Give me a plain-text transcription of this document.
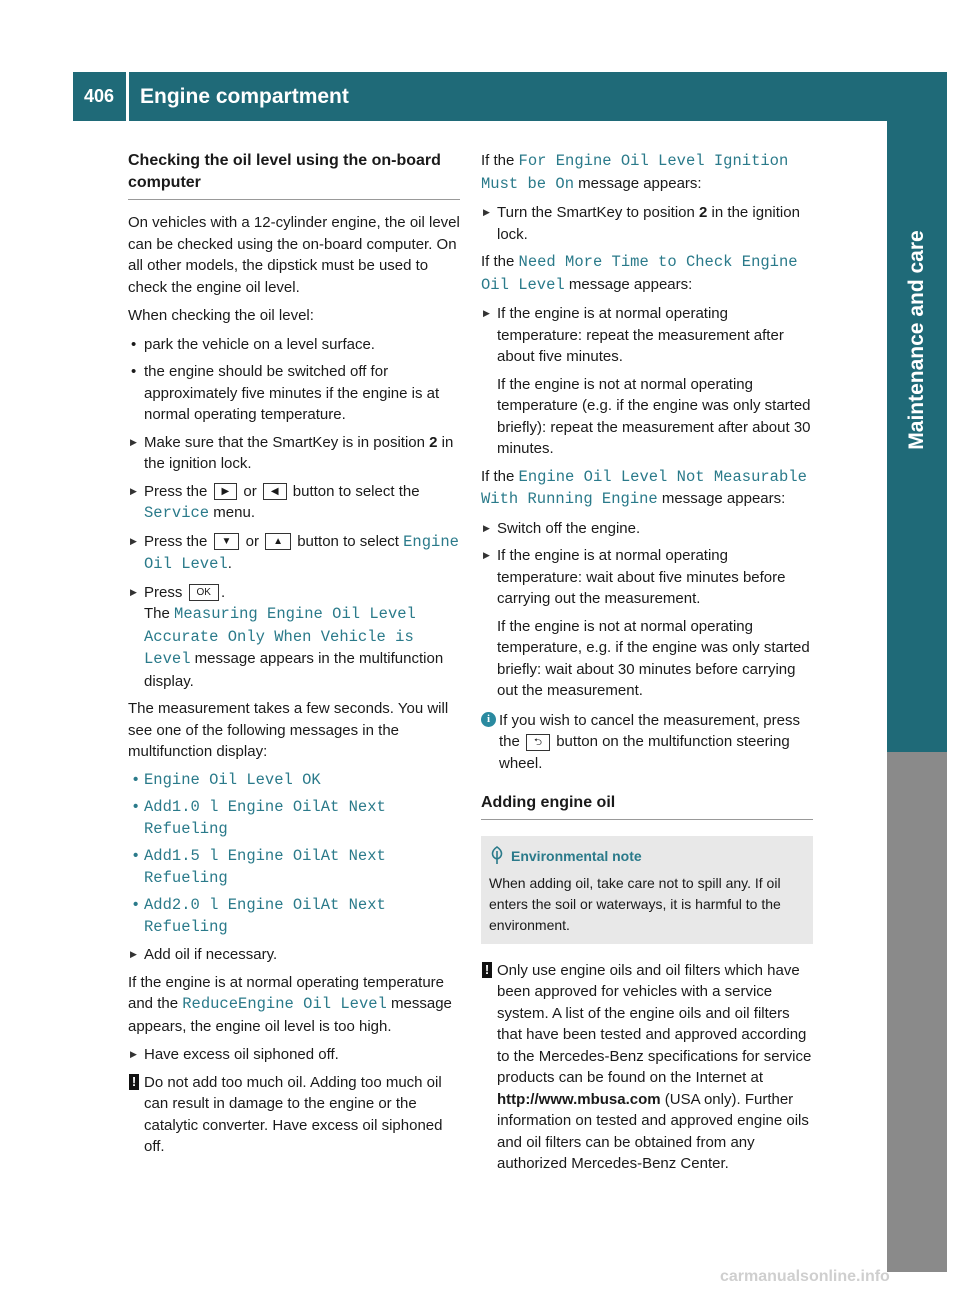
406	Engine compartment
Maintenance and care
Checking the oil level using the on-board computer

On vehicles with a 12-cylinder engine, the oil level can be checked using the on-board computer. On all other models, the dipstick must be used to check the engine oil level.

When checking the oil level:

• park the vehicle on a level surface.
• the engine should be switched off for approximately five minutes if the engine is at normal operating temperature.
▶ Make sure that the SmartKey is in position 2 in the ignition lock.
▶ Press the ▶ or ◀ button to select the Service menu.
▶ Press the ▼ or ▲ button to select Engine Oil Level.
▶ Press OK .
The Measuring Engine Oil Level Accurate Only When Vehicle is Level message appears in the multifunction display.

The measurement takes a few seconds. You will see one of the following messages in the multifunction display:

• Engine Oil Level OK
• Add1.0 l Engine OilAt Next Refueling
• Add1.5 l Engine OilAt Next Refueling
• Add2.0 l Engine OilAt Next Refueling
▶ Add oil if necessary.

If the engine is at normal operating temperature and the ReduceEngine Oil Level message appears, the engine oil level is too high.

▶ Have excess oil siphoned off.
! Do not add too much oil. Adding too much oil can result in damage to the engine or the catalytic converter. Have excess oil siphoned off.

If the For Engine Oil Level Ignition Must be On message appears:

▶ Turn the SmartKey to position 2 in the ignition lock.

If the Need More Time to Check Engine Oil Level message appears:

▶ If the engine is at normal operating temperature: repeat the measurement after about five minutes.
If the engine is not at normal operating temperature (e.g. if the engine was only started briefly): repeat the measurement after about 30 minutes.

If the Engine Oil Level Not Measurable With Running Engine message appears:

▶ Switch off the engine.
▶ If the engine is at normal operating temperature: wait about five minutes before carrying out the measurement.
If the engine is not at normal operating temperature, e.g. if the engine was only started briefly: wait about 30 minutes before carrying out the measurement.
i If you wish to cancel the measurement, press the ⮌ button on the multifunction steering wheel.
Adding engine oil
Environmental note
When adding oil, take care not to spill any. If oil enters the soil or waterways, it is harmful to the environment.
! Only use engine oils and oil filters which have been approved for vehicles with a service system. A list of the engine oils and oil filters that have been tested and approved according to the Mercedes-Benz specifications for service products can be found on the Internet at http://www.mbusa.com (USA only). Further information on tested and approved engine oils and oil filters can be obtained from any authorized Mercedes-Benz Center.
carmanualsonline.info
